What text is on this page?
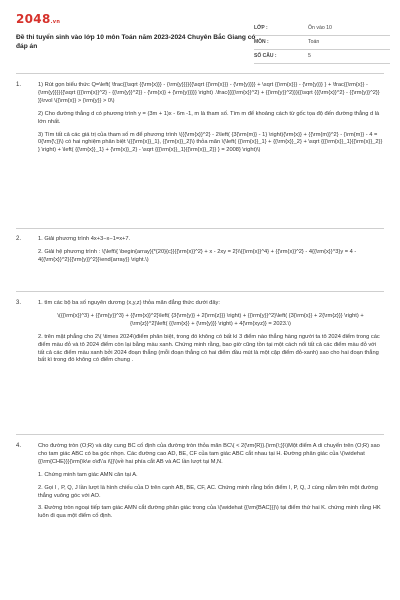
2048.vn
Đề thi tuyển sinh vào lớp 10 môn Toán năm 2023-2024 Chuyên Bắc Giang có đáp án
LỚP :	Ôn vào 10
MÔN :	Toán
SỐ CÂU :	5
1.	1) Rút gọn biểu thức Q=\left( \frac{{\sqrt {{\rm{x}}} - {\rm{y}}}}{{\sqrt {{\rm{x}}} - {\rm{y}}}} + \sqrt {{\rm{x}}} - {\rm{y}}} } + \frac{{\rm{x}} - {\rm{y}}}}{{\sqrt {{{\rm{x}}^2} - {{\rm{y}}^2}} - {\rm{x}} + {\rm{y}}}}} \right) .\frac{{{{\rm{x}}^2} + {{\rm{y}}^2}}}{{\sqrt {{{\rm{x}}^2} - {{\rm{y}}^2}} }}\rvol \({\rm{x}} > {\rm{y}} > 0\)

2) Cho đường thẳng d có phương trình y = (3m + 1)x - 6m -1, m là tham số. Tìm m để khoảng cách từ gốc tọa độ đến đường thẳng d là lớn nhất.

3) Tìm tất cả các giá trị của tham số m để phương trình \({{\rm{x}}^2} - 2\left( {3{\rm{m}} - 1} \right){\rm{x}} + {{\rm{m}}^2} - {\rm{m}} - 4 = 0{\rm{\;}}\) có hai nghiệm phân biệt \({{\rm{x}}_1}, {{\rm{x}}_2}\) thỏa mãn \(\left( {{\rm{x}}_1} + {{\rm{x}}_2} + \sqrt {{{\rm{x}}_1}{{\rm{x}}_2}} } \right) + \left( {{\rm{x}}_1} + {\rm{x}}_2} - \sqrt {{{\rm{x}}_1}{{\rm{x}}_2}} } = 2008} \right)\)

2.	1. Giải phương trình 4x+3−x−1=x+7.

2. Giải hệ phương trình : \(\left\{ \begin{array}{*{20}{c}}{{\rm{x}}^2} + x - 2xy = 2}\\{{\rm{x}}^4} + {{\rm{x}}^2} - 4{{\rm{x}}^3}y = 4 - 4{{\rm{x}}^2}{{\rm{y}}^2}}\end{array}} \right.\)

3.	1. tìm các bộ ba số nguyên dương (x,y,z) thỏa mãn đẳng thức dưới đây:

\({{\rm{x}}^3} + {{\rm{y}}^3} + {{\rm{x}}^2}\left( {3{\rm{y}} + 2{\rm{z}}} \right) + {{\rm{y}}^2}\left( {3{\rm{x}} + 2{\rm{z}}} \right) + {\rm{z}}^2}\left( {{\rm{x}} + {\rm{y}}} \right) + 4{\rm{xyz}} = 2023.\)

2. trên mặt phẳng cho 2\( \times 2024\)điểm phân biệt, trong đó không có bất kì 3 điểm nào thẳng hàng người ta tô 2024 điểm trong các điểm màu đỏ và tô 2024 điểm còn lại bằng màu xanh. Chứng minh rằng, bao giờ cũng tồn tại một cách nối tất cả các điểm màu đỏ với tất cả các điểm màu xanh bởi 2024 đoạn thẳng (mỗi đoạn thẳng có hai điểm đầu mút là một cặp điểm đỏ-xanh) sao cho hai đoạn thẳng bất kì trong đó không có điểm chung .

4.	Cho đường tròn (O;R) và dây cung BC cố định của đường tròn thỏa mãn BC\( < 2{\rm{R}}.{\rm{\;}}\)Một điểm A di chuyển trên (O;R) sao cho tam giác ABC có ba góc nhọn. Các đường cao AD, BE, CF của tam giác ABC cắt nhau tại H. Đường phân giác của \(\widehat {{\rm{CHE}}}{\rm{\k\e o\đ\'a i\}}\)về hai phía cắt AB và AC lần lượt tại M,N.

1. Chứng minh tam giác AMN cân tại A.

2. Gọi I , P, Q, J lần lượt là hình chiếu của D trên cạnh AB, BE, CF, AC. Chứng minh rằng bốn điểm I, P, Q, J cùng nằm trên một đường thẳng vuông góc với AO.

3. Đường tròn ngoại tiếp tam giác AMN cắt đường phân giác trong của \(\widehat {{\rm{BAC}}}\) tại điểm thứ hai K. chứng minh rằng HK luôn đi qua một điểm cố định.
